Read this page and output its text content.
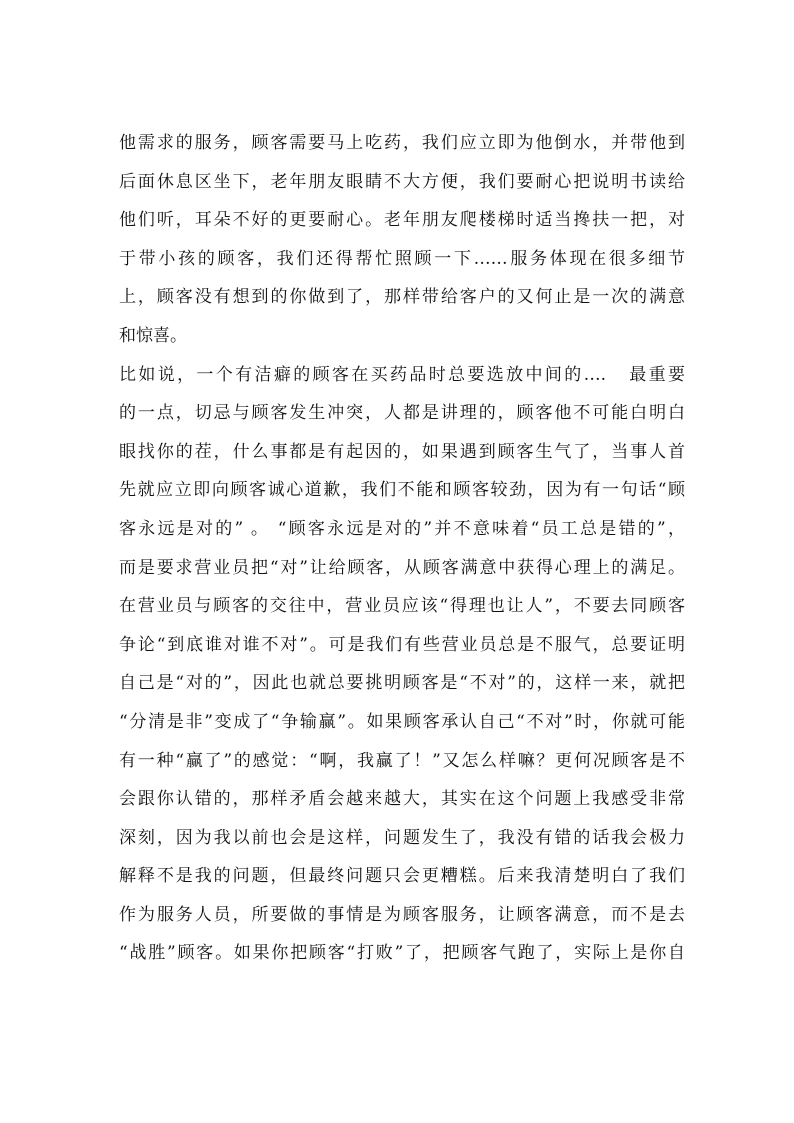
他需求的服务，顾客需要马上吃药，我们应立即为他倒水，并带他到
后面休息区坐下，老年朋友眼睛不大方便，我们要耐心把说明书读给
他们听，耳朵不好的更要耐心。老年朋友爬楼梯时适当搀扶一把，对
于带小孩的顾客，我们还得帮忙照顾一下……服务体现在很多细节
上，顾客没有想到的你做到了，那样带给客户的又何止是一次的满意
和惊喜。
比如说，一个有洁癖的顾客在买药品时总要选放中间的….   最重要
的一点，切忌与顾客发生冲突，人都是讲理的，顾客他不可能白明白
眼找你的茬，什么事都是有起因的，如果遇到顾客生气了，当事人首
先就应立即向顾客诚心道歉，我们不能和顾客较劲，因为有一句话“顾
客永远是对的” 。 “顾客永远是对的”并不意味着“员工总是错的”，
而是要求营业员把“对”让给顾客，从顾客满意中获得心理上的满足。
在营业员与顾客的交往中，营业员应该“得理也让人”，不要去同顾客
争论“到底谁对谁不对”。可是我们有些营业员总是不服气，总要证明
自己是“对的”，因此也就总要挑明顾客是“不对”的，这样一来，就把
“分清是非”变成了“争输赢”。如果顾客承认自己“不对”时，你就可能
有一种“赢了”的感觉：“啊，我赢了！”又怎么样嘛？更何况顾客是不
会跟你认错的，那样矛盾会越来越大，其实在这个问题上我感受非常
深刻，因为我以前也会是这样，问题发生了，我没有错的话我会极力
解释不是我的问题，但最终问题只会更糟糕。后来我清楚明白了我们
作为服务人员，所要做的事情是为顾客服务，让顾客满意，而不是去
“战胜”顾客。如果你把顾客“打败”了，把顾客气跑了，实际上是你自
